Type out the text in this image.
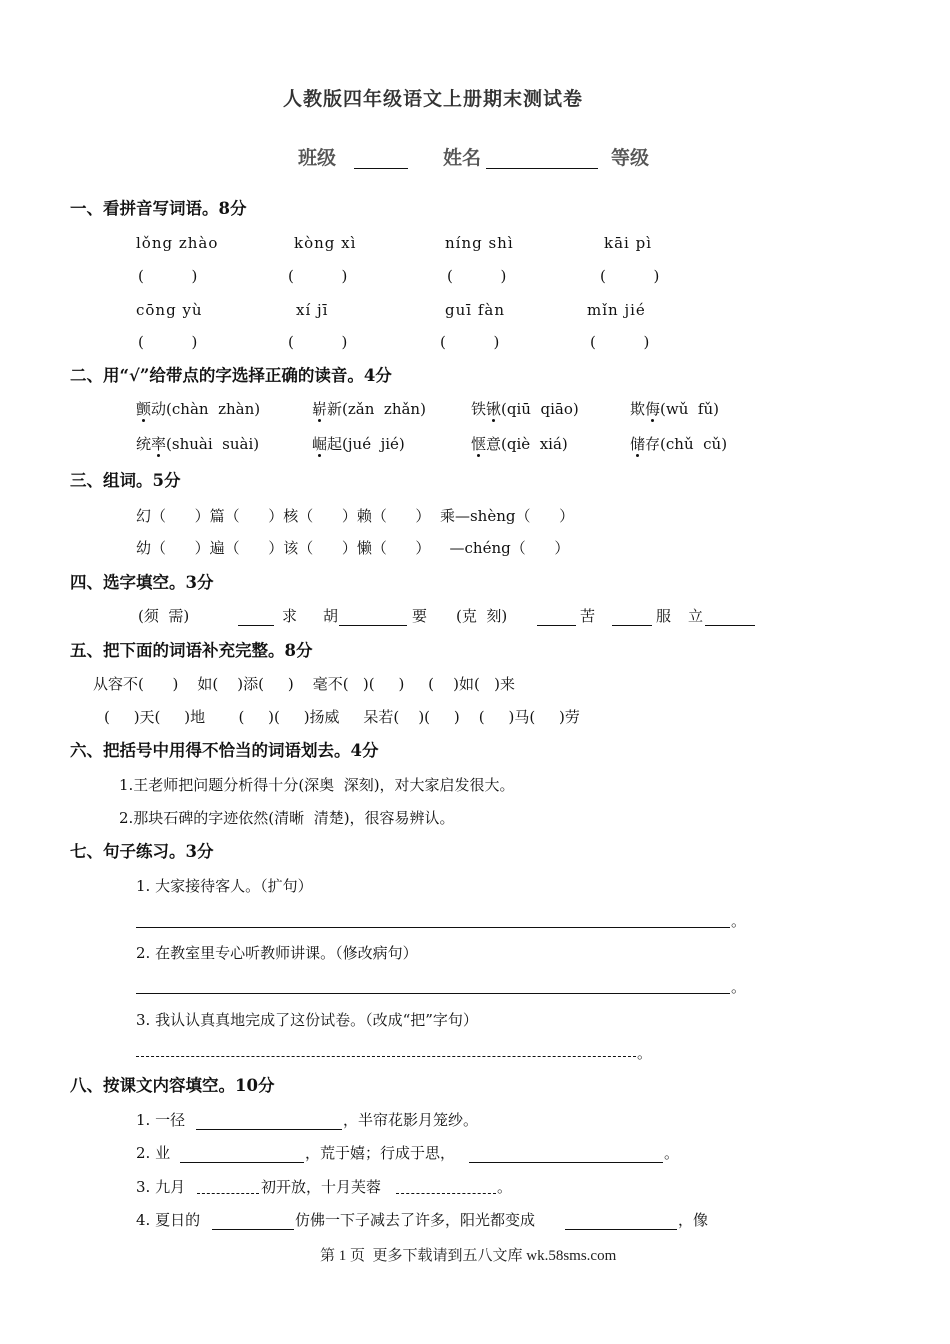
人教版四年级语文上册期末测试卷
班级	姓名	等级
一、看拼音写词语。8分
lǒng zhào	kòng xì	níng shì	kāi pì
(          )	(          )	(          )	(          )
cōng yù	xí jī	guī fàn	mǐn jié
(          )	(          )	(          )	(          )
二、用“√”给带点的字选择正确的读音。4分
颤动(chàn  zhàn)	崭新(zǎn  zhǎn)	铁锹(qiū  qiāo)	欺侮(wǔ  fǔ)
统率(shuài  suài)	崛起(jué  jié)	惬意(qiè  xiá)	储存(chǔ  cǔ)
三、组词。5分
幻（      ）篇（      ）核（      ）赖（      ）  乘—shèng（      ）
幼（      ）遍（      ）该（      ）懒（      ）    —chéng（      ）
四、选字填空。3分
(须  需)	求 胡	要 (克  刻)	苦	服 立
五、把下面的词语补充完整。8分
从容不(      )    如(    )添(     )    毫不(   )(     )     (    )如(   )来
(     )天(     )地       (     )(     )扬威     呆若(    )(     )    (     )马(     )劳
六、把括号中用得不恰当的词语划去。4分
1.王老师把问题分析得十分(深奥  深刻)，对大家启发很大。
2.那块石碑的字迹依然(清晰  清楚)，很容易辨认。
七、句子练习。3分
1. 大家接待客人。（扩句）
。
2. 在教室里专心听教师讲课。（修改病句）
。
3. 我认认真真地完成了这份试卷。（改成“把”字句）
。
八、按课文内容填空。10分
1. 一径	，半帘花影月笼纱。
2. 业	，荒于嬉；行成于思，	。
3. 九月	初开放，十月芙蓉	。
4. 夏日的	仿佛一下子减去了许多，阳光都变成	，像
第 1 页  更多下载请到五八文库 wk.58sms.com
